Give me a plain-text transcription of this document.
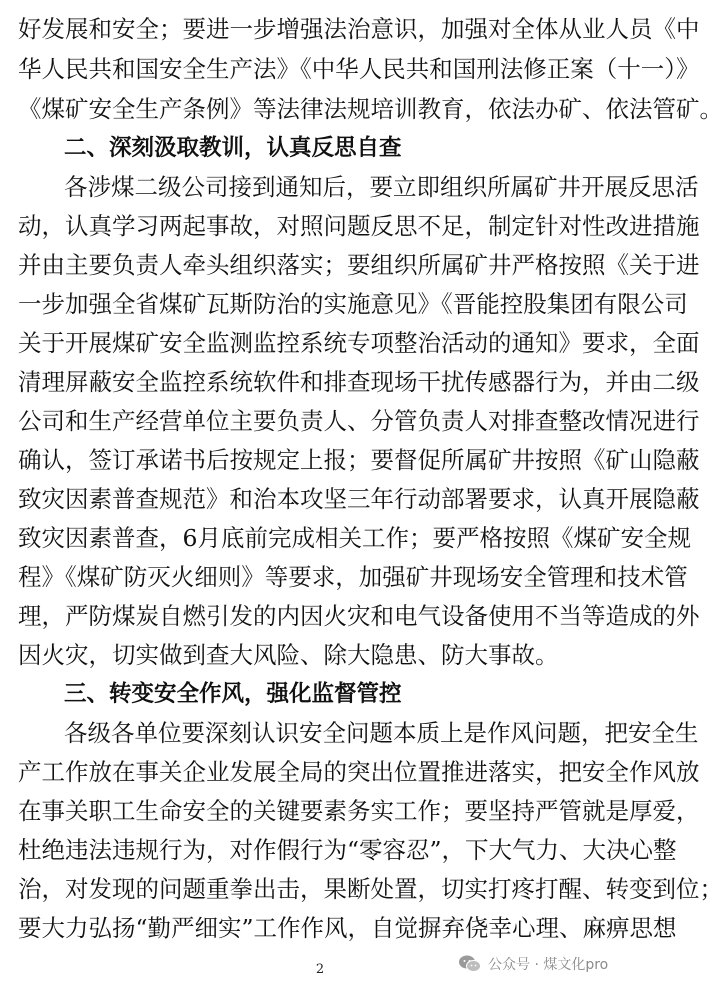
好发展和安全；要进一步增强法治意识，加强对全体从业人员《中
华人民共和国安全生产法》《中华人民共和国刑法修正案（十一）》
《煤矿安全生产条例》等法律法规培训教育，依法办矿、依法管矿。
二、深刻汲取教训，认真反思自查
各涉煤二级公司接到通知后，要立即组织所属矿井开展反思活
动，认真学习两起事故，对照问题反思不足，制定针对性改进措施
并由主要负责人牵头组织落实；要组织所属矿井严格按照《关于进
一步加强全省煤矿瓦斯防治的实施意见》《晋能控股集团有限公司
关于开展煤矿安全监测监控系统专项整治活动的通知》要求，全面
清理屏蔽安全监控系统软件和排查现场干扰传感器行为，并由二级
公司和生产经营单位主要负责人、分管负责人对排查整改情况进行
确认，签订承诺书后按规定上报；要督促所属矿井按照《矿山隐蔽
致灾因素普查规范》和治本攻坚三年行动部署要求，认真开展隐蔽
致灾因素普查，6月底前完成相关工作；要严格按照《煤矿安全规
程》《煤矿防灭火细则》等要求，加强矿井现场安全管理和技术管
理，严防煤炭自燃引发的内因火灾和电气设备使用不当等造成的外
因火灾，切实做到查大风险、除大隐患、防大事故。
三、转变安全作风，强化监督管控
各级各单位要深刻认识安全问题本质上是作风问题，把安全生
产工作放在事关企业发展全局的突出位置推进落实，把安全作风放
在事关职工生命安全的关键要素务实工作；要坚持严管就是厚爱，
杜绝违法违规行为，对作假行为“零容忍”，下大气力、大决心整
治，对发现的问题重拳出击，果断处置，切实打疼打醒、转变到位；
要大力弘扬“勤严细实”工作作风，自觉摒弃侥幸心理、麻痹思想
2	公众号 · 煤文化pro
